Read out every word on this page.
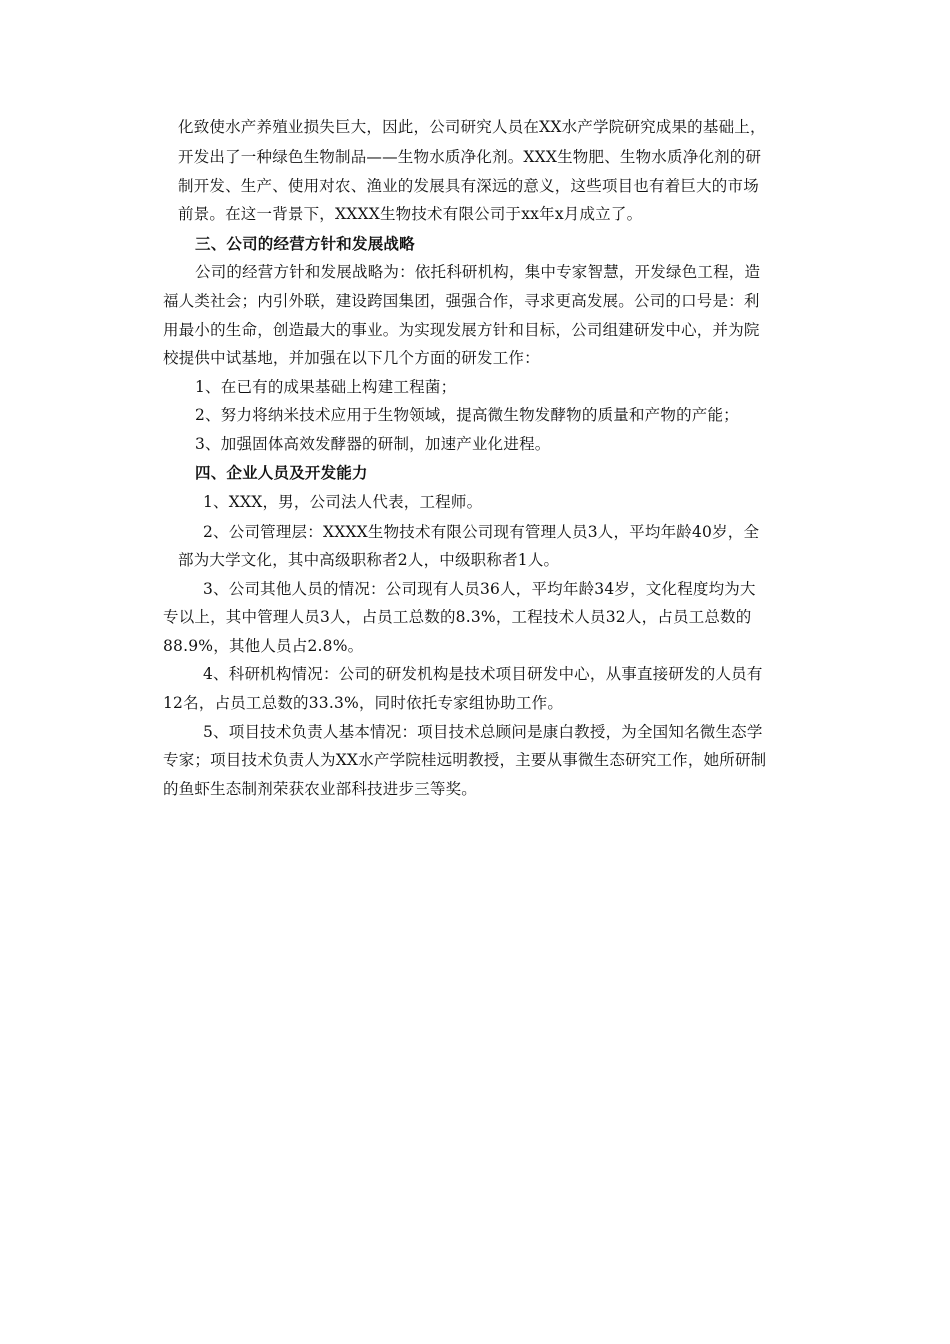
化致使水产养殖业损失巨大，因此，公司研究人员在XX水产学院研究成果的基础上，
开发出了一种绿色生物制品——生物水质净化剂。XXX生物肥、生物水质净化剂的研
制开发、生产、使用对农、渔业的发展具有深远的意义，这些项目也有着巨大的市场
前景。在这一背景下，XXXX生物技术有限公司于xx年x月成立了。
三、公司的经营方针和发展战略
公司的经营方针和发展战略为：依托科研机构，集中专家智慧，开发绿色工程，造
福人类社会；内引外联，建设跨国集团，强强合作，寻求更高发展。公司的口号是：利
用最小的生命，创造最大的事业。为实现发展方针和目标，公司组建研发中心，并为院
校提供中试基地，并加强在以下几个方面的研发工作：
1、在已有的成果基础上构建工程菌；
2、努力将纳米技术应用于生物领域，提高微生物发酵物的质量和产物的产能；
3、加强固体高效发酵器的研制，加速产业化进程。
四、企业人员及开发能力
1、XXX，男，公司法人代表，工程师。
2、公司管理层：XXXX生物技术有限公司现有管理人员3人，平均年龄40岁，全
部为大学文化，其中高级职称者2人，中级职称者1人。
3、公司其他人员的情况：公司现有人员36人，平均年龄34岁，文化程度均为大
专以上，其中管理人员3人，占员工总数的8.3%，工程技术人员32人，占员工总数的
88.9%，其他人员占2.8%。
4、科研机构情况：公司的研发机构是技术项目研发中心，从事直接研发的人员有
12名，占员工总数的33.3%，同时依托专家组协助工作。
5、项目技术负责人基本情况：项目技术总顾问是康白教授，为全国知名微生态学
专家；项目技术负责人为XX水产学院桂远明教授，主要从事微生态研究工作，她所研制
的鱼虾生态制剂荣获农业部科技进步三等奖。
